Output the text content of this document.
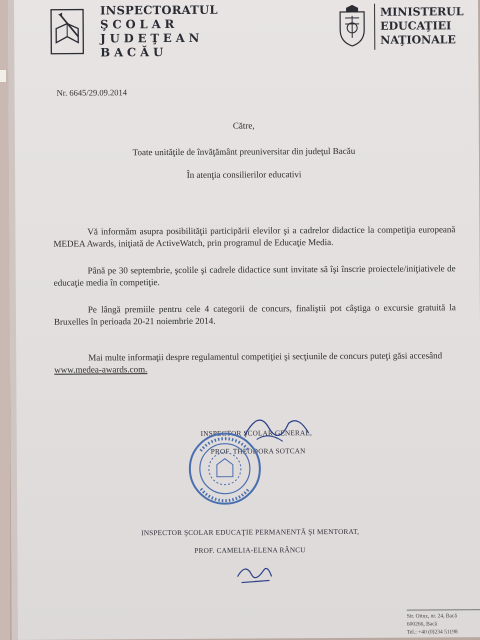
INSPECTORATUL
ŞCOLAR
JUDEŢEAN
BACĂU
MINISTERUL
EDUCAŢIEI
NAŢIONALE
Nr. 6645/29.09.2014
Către,
Toate unităţile de învăţământ preuniversitar din judeţul Bacău
În atenţia consilierilor educativi
Vă informăm asupra posibilităţii participării elevilor şi a cadrelor didactice la competiţia europeană MEDEA Awards, iniţiată de ActiveWatch, prin programul de Educaţie Media.
Până pe 30 septembrie, şcolile şi cadrele didactice sunt invitate să îşi înscrie proiectele/iniţiativele de educaţie media în competiţie.
Pe lângă premiile pentru cele 4 categorii de concurs, finaliştii pot câştiga o excursie gratuită la Bruxelles în perioada 20-21 noiembrie 2014.
Mai multe informaţii despre regulamentul competiţiei şi secţiunile de concurs puteţi găsi accesând
www.medea-awards.com.
INSPECTOR ŞCOLAR GENERAL,
PROF. THEODORA SOTCAN
INSPECTOR ŞCOLAR EDUCAŢIE PERMANENTĂ ŞI MENTORAT,
PROF. CAMELIA-ELENA RÂNCU
Str. Oituz, nr. 24, Bacă
600266, Bacă
Tel.: +40 (0)234 51198
